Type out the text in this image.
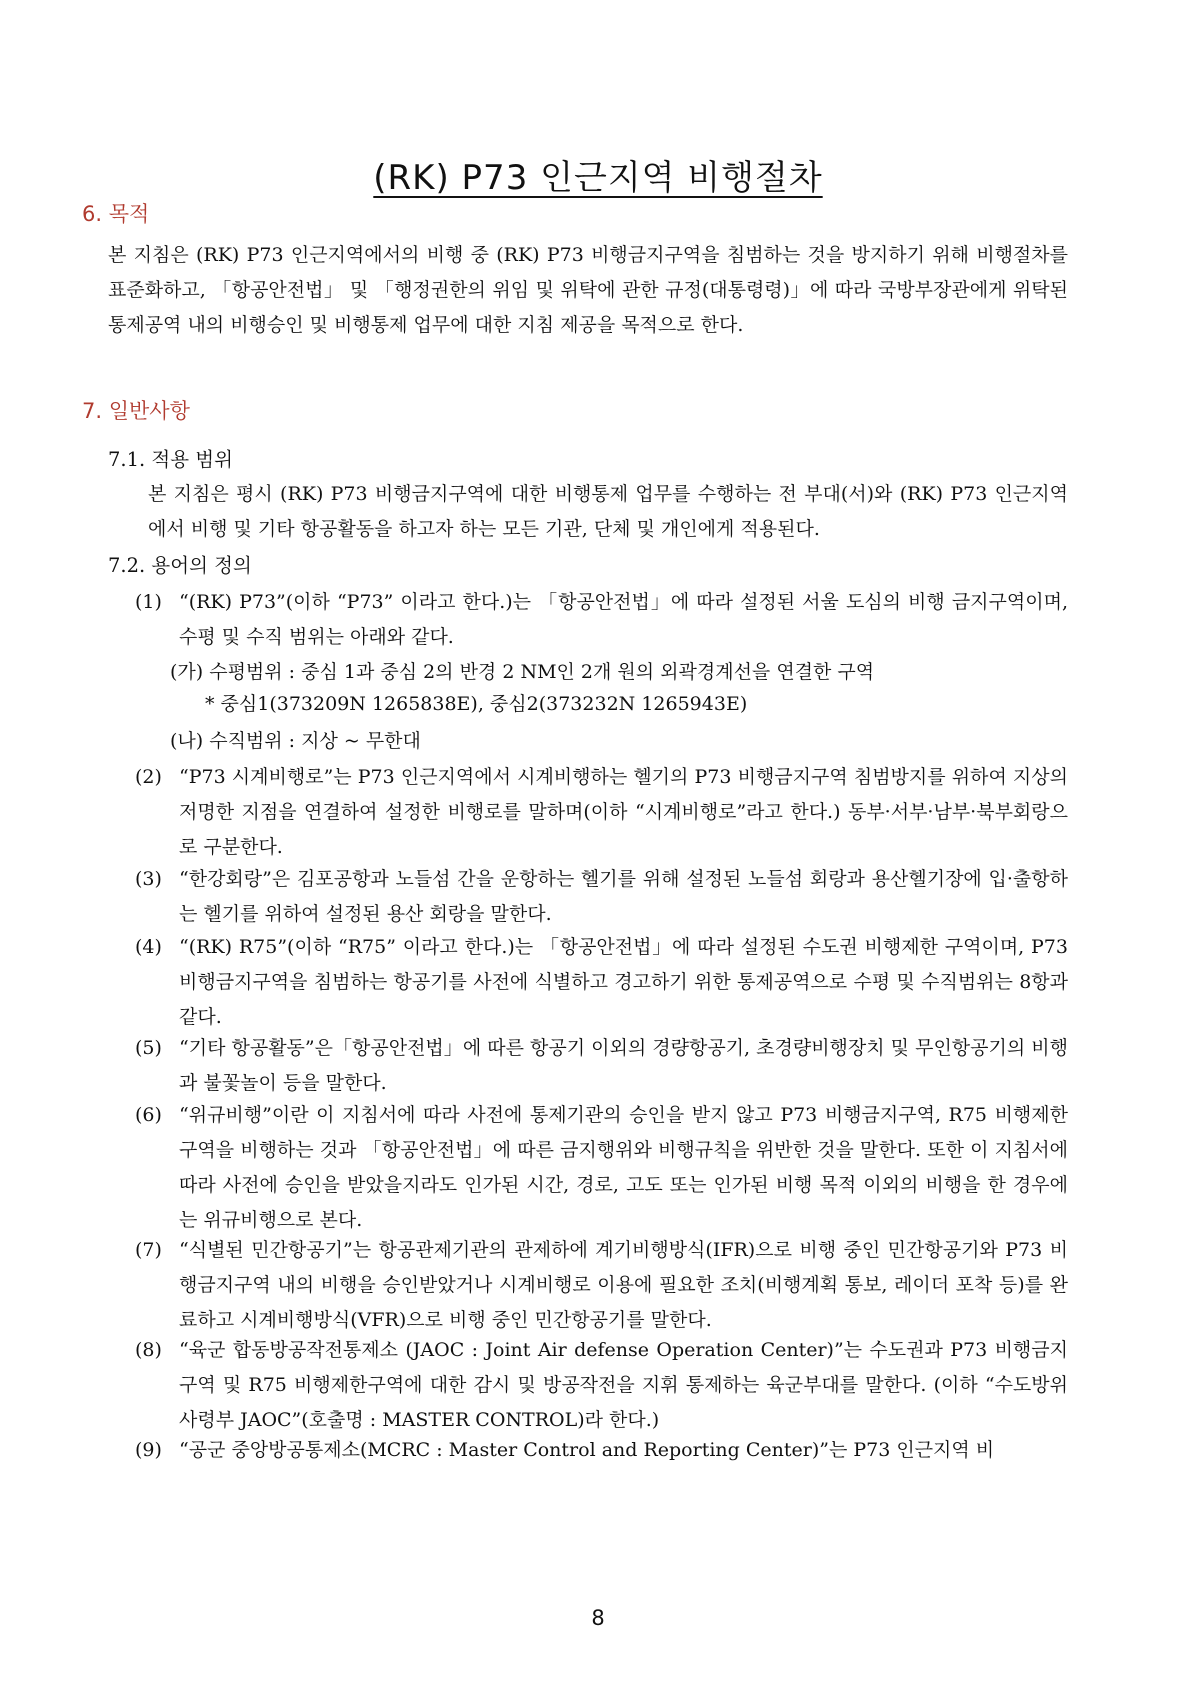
(RK) P73 인근지역 비행절차
6. 목적

본 지침은 (RK) P73 인근지역에서의 비행 중 (RK) P73 비행금지구역을 침범하는 것을 방지하기 위해 비행절차를 표준화하고, 「항공안전법」 및 「행정권한의 위임 및 위탁에 관한 규정(대통령령)」에 따라 국방부장관에게 위탁된 통제공역 내의 비행승인 및 비행통제 업무에 대한 지침 제공을 목적으로 한다.

7. 일반사항

7.1. 적용 범위

본 지침은 평시 (RK) P73 비행금지구역에 대한 비행통제 업무를 수행하는 전 부대(서)와 (RK) P73 인근지역에서 비행 및 기타 항공활동을 하고자 하는 모든 기관, 단체 및 개인에게 적용된다.

7.2. 용어의 정의

(1) “(RK) P73”(이하 “P73” 이라고 한다.)는 「항공안전법」에 따라 설정된 서울 도심의 비행 금지구역이며, 수평 및 수직 범위는 아래와 같다.

(가) 수평범위 : 중심 1과 중심 2의 반경 2 NM인 2개 원의 외곽경계선을 연결한 구역

* 중심1(373209N 1265838E), 중심2(373232N 1265943E)

(나) 수직범위 : 지상 ~ 무한대

(2) “P73 시계비행로”는 P73 인근지역에서 시계비행하는 헬기의 P73 비행금지구역 침범방지를 위하여 지상의 저명한 지점을 연결하여 설정한 비행로를 말하며(이하 “시계비행로”라고 한다.) 동부·서부·남부·북부회랑으로 구분한다.
(3) “한강회랑”은 김포공항과 노들섬 간을 운항하는 헬기를 위해 설정된 노들섬 회랑과 용산헬기장에 입·출항하는 헬기를 위하여 설정된 용산 회랑을 말한다.
(4) “(RK) R75”(이하 “R75” 이라고 한다.)는 「항공안전법」에 따라 설정된 수도권 비행제한 구역이며, P73 비행금지구역을 침범하는 항공기를 사전에 식별하고 경고하기 위한 통제공역으로 수평 및 수직범위는 8항과 같다.
(5) “기타 항공활동”은「항공안전법」에 따른 항공기 이외의 경량항공기, 초경량비행장치 및 무인항공기의 비행과 불꽃놀이 등을 말한다.
(6) “위규비행”이란 이 지침서에 따라 사전에 통제기관의 승인을 받지 않고 P73 비행금지구역, R75 비행제한구역을 비행하는 것과 「항공안전법」에 따른 금지행위와 비행규칙을 위반한 것을 말한다. 또한 이 지침서에 따라 사전에 승인을 받았을지라도 인가된 시간, 경로, 고도 또는 인가된 비행 목적 이외의 비행을 한 경우에는 위규비행으로 본다.
(7) “식별된 민간항공기”는 항공관제기관의 관제하에 계기비행방식(IFR)으로 비행 중인 민간항공기와 P73 비행금지구역 내의 비행을 승인받았거나 시계비행로 이용에 필요한 조치(비행계획 통보, 레이더 포착 등)를 완료하고 시계비행방식(VFR)으로 비행 중인 민간항공기를 말한다.
(8) “육군 합동방공작전통제소 (JAOC : Joint Air defense Operation Center)”는 수도권과 P73 비행금지구역 및 R75 비행제한구역에 대한 감시 및 방공작전을 지휘 통제하는 육군부대를 말한다. (이하 “수도방위사령부 JAOC”(호출명 : MASTER CONTROL)라 한다.)
(9) “공군 중앙방공통제소(MCRC : Master Control and Reporting Center)”는 P73 인근지역 비

8
